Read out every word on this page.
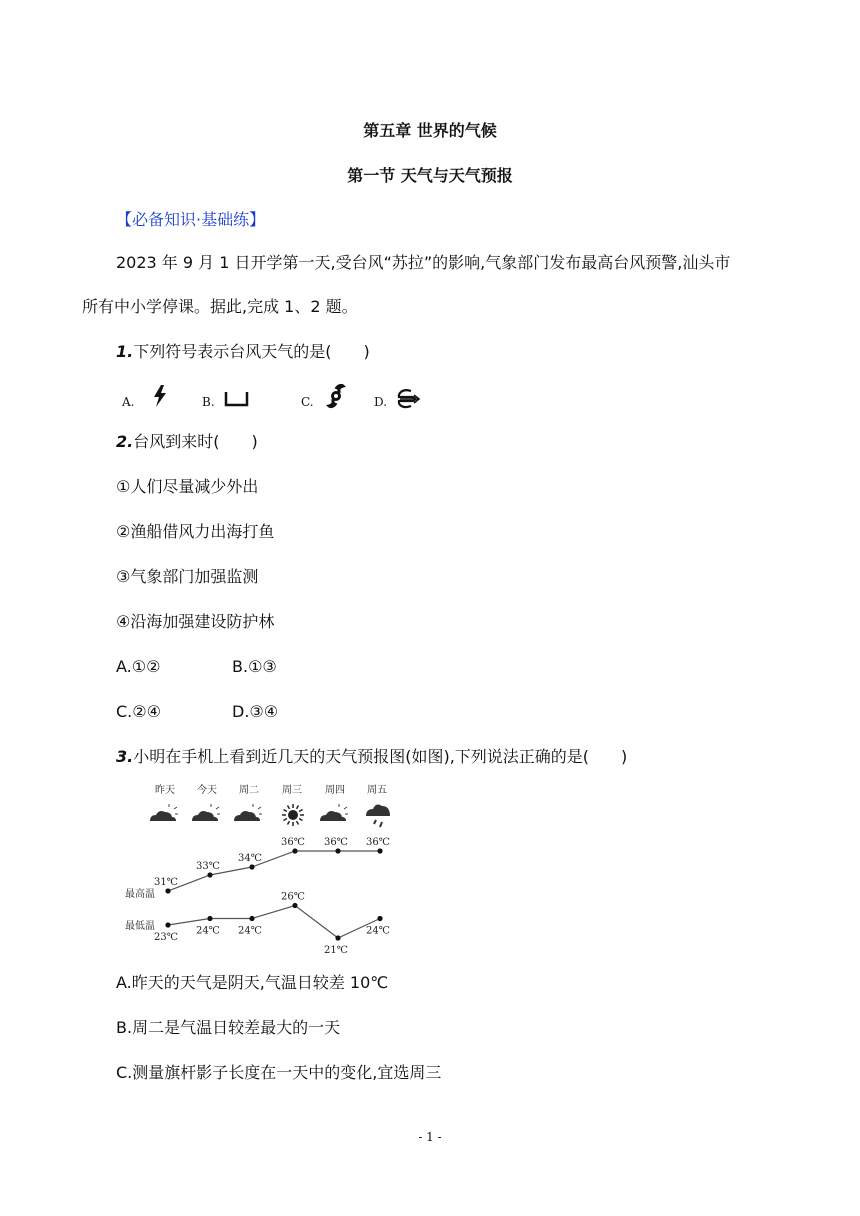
第五章 世界的气候
第一节 天气与天气预报
【必备知识·基础练】
2023 年 9 月 1 日开学第一天,受台风“苏拉”的影响,气象部门发布最高台风预警,汕头市
所有中小学停课。据此,完成 1、2 题。
1.下列符号表示台风天气的是(　　)
A.	B.	C.	D.
2.台风到来时(　　)
①人们尽量减少外出
②渔船借风力出海打鱼
③气象部门加强监测
④沿海加强建设防护林
A.①②	B.①③
C.②④	D.③④
3.小明在手机上看到近几天的天气预报图(如图),下列说法正确的是(　　)
昨天 今天 周二 周三 周四 周五
31℃
33℃
34℃
36℃ 36℃ 36℃
最高温
23℃
24℃ 24℃
26℃
21℃
24℃
最低温
A.昨天的天气是阴天,气温日较差 10℃
B.周二是气温日较差最大的一天
C.测量旗杆影子长度在一天中的变化,宜选周三
- 1 -
